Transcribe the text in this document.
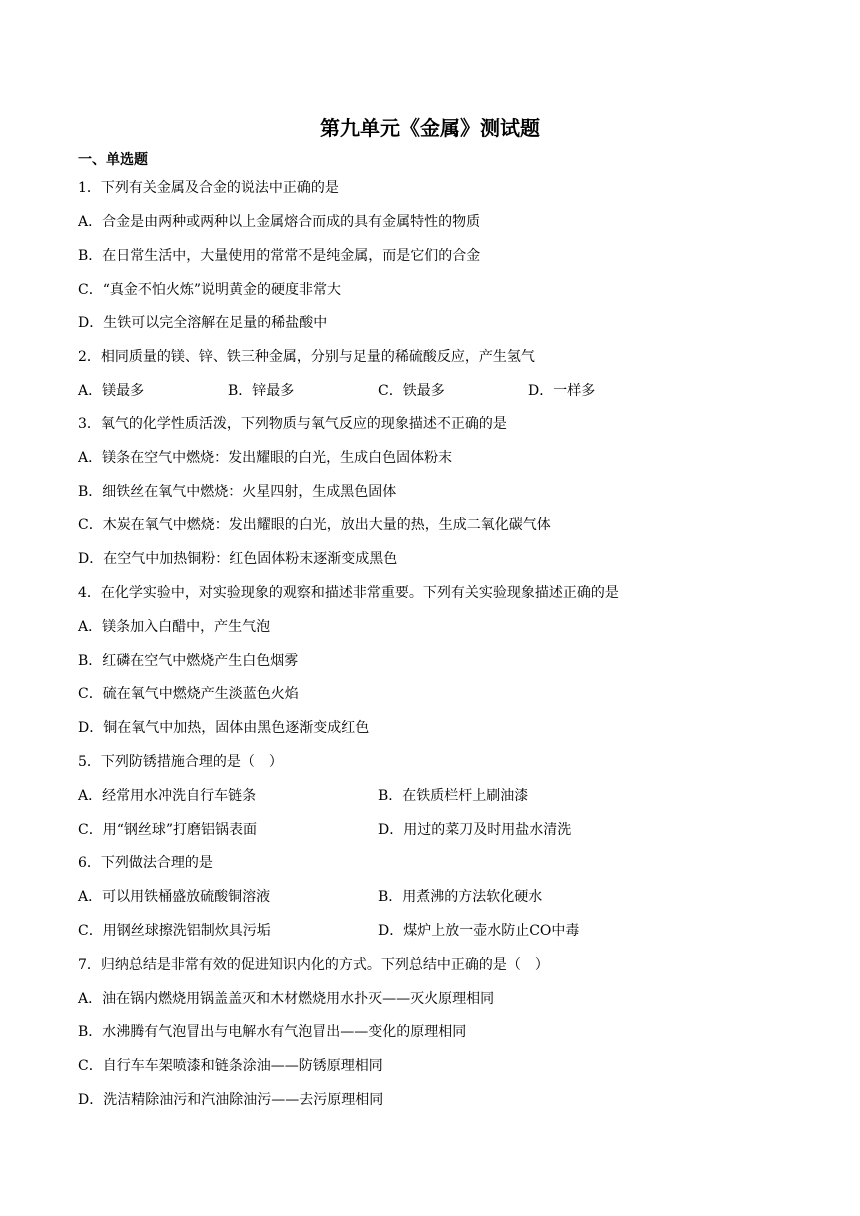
第九单元《金属》测试题
一、单选题
1．下列有关金属及合金的说法中正确的是
A．合金是由两种或两种以上金属熔合而成的具有金属特性的物质
B．在日常生活中，大量使用的常常不是纯金属，而是它们的合金
C．“真金不怕火炼”说明黄金的硬度非常大
D．生铁可以完全溶解在足量的稀盐酸中
2．相同质量的镁、锌、铁三种金属，分别与足量的稀硫酸反应，产生氢气
A．镁最多	B．锌最多	C．铁最多	D．一样多
3．氧气的化学性质活泼，下列物质与氧气反应的现象描述不正确的是
A．镁条在空气中燃烧：发出耀眼的白光，生成白色固体粉末
B．细铁丝在氧气中燃烧：火星四射，生成黑色固体
C．木炭在氧气中燃烧：发出耀眼的白光，放出大量的热，生成二氧化碳气体
D．在空气中加热铜粉：红色固体粉末逐渐变成黑色
4．在化学实验中，对实验现象的观察和描述非常重要。下列有关实验现象描述正确的是
A．镁条加入白醋中，产生气泡
B．红磷在空气中燃烧产生白色烟雾
C．硫在氧气中燃烧产生淡蓝色火焰
D．铜在氧气中加热，固体由黑色逐渐变成红色
5．下列防锈措施合理的是（　）
A．经常用水冲洗自行车链条	B．在铁质栏杆上刷油漆
C．用“钢丝球”打磨铝锅表面	D．用过的菜刀及时用盐水清洗
6．下列做法合理的是
A．可以用铁桶盛放硫酸铜溶液	B．用煮沸的方法软化硬水
C．用钢丝球擦洗铝制炊具污垢	D．煤炉上放一壶水防止CO中毒
7．归纳总结是非常有效的促进知识内化的方式。下列总结中正确的是（　）
A．油在锅内燃烧用锅盖盖灭和木材燃烧用水扑灭——灭火原理相同
B．水沸腾有气泡冒出与电解水有气泡冒出——变化的原理相同
C．自行车车架喷漆和链条涂油——防锈原理相同
D．洗洁精除油污和汽油除油污——去污原理相同
